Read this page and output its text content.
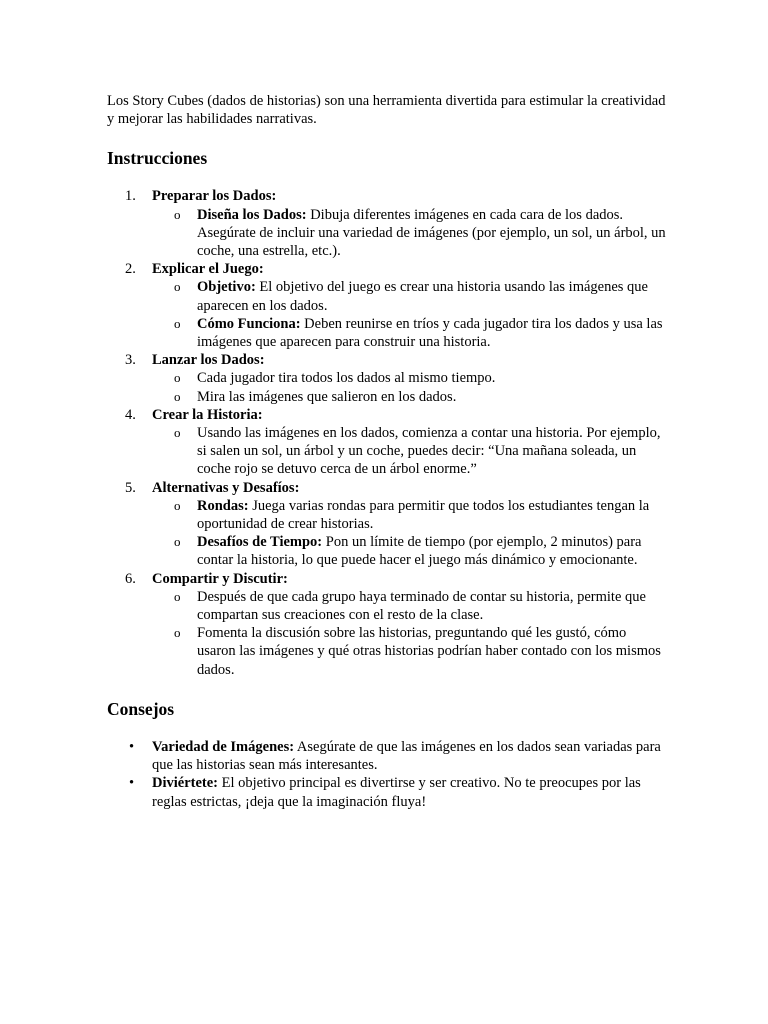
Los Story Cubes (dados de historias) son una herramienta divertida para estimular la creatividad y mejorar las habilidades narrativas.

Instrucciones
1. Preparar los Dados:
o Diseña los Dados: Dibuja diferentes imágenes en cada cara de los dados. Asegúrate de incluir una variedad de imágenes (por ejemplo, un sol, un árbol, un coche, una estrella, etc.).
2. Explicar el Juego:
o Objetivo: El objetivo del juego es crear una historia usando las imágenes que aparecen en los dados.
o Cómo Funciona: Deben reunirse en tríos y cada jugador tira los dados y usa las imágenes que aparecen para construir una historia.
3. Lanzar los Dados:
o Cada jugador tira todos los dados al mismo tiempo.
o Mira las imágenes que salieron en los dados.
4. Crear la Historia:
o Usando las imágenes en los dados, comienza a contar una historia. Por ejemplo, si salen un sol, un árbol y un coche, puedes decir: “Una mañana soleada, un coche rojo se detuvo cerca de un árbol enorme.”
5. Alternativas y Desafíos:
o Rondas: Juega varias rondas para permitir que todos los estudiantes tengan la oportunidad de crear historias.
o Desafíos de Tiempo: Pon un límite de tiempo (por ejemplo, 2 minutos) para contar la historia, lo que puede hacer el juego más dinámico y emocionante.
6. Compartir y Discutir:
o Después de que cada grupo haya terminado de contar su historia, permite que compartan sus creaciones con el resto de la clase.
o Fomenta la discusión sobre las historias, preguntando qué les gustó, cómo usaron las imágenes y qué otras historias podrían haber contado con los mismos dados.
Consejos
• Variedad de Imágenes: Asegúrate de que las imágenes en los dados sean variadas para que las historias sean más interesantes.
• Diviértete: El objetivo principal es divertirse y ser creativo. No te preocupes por las reglas estrictas, ¡deja que la imaginación fluya!
